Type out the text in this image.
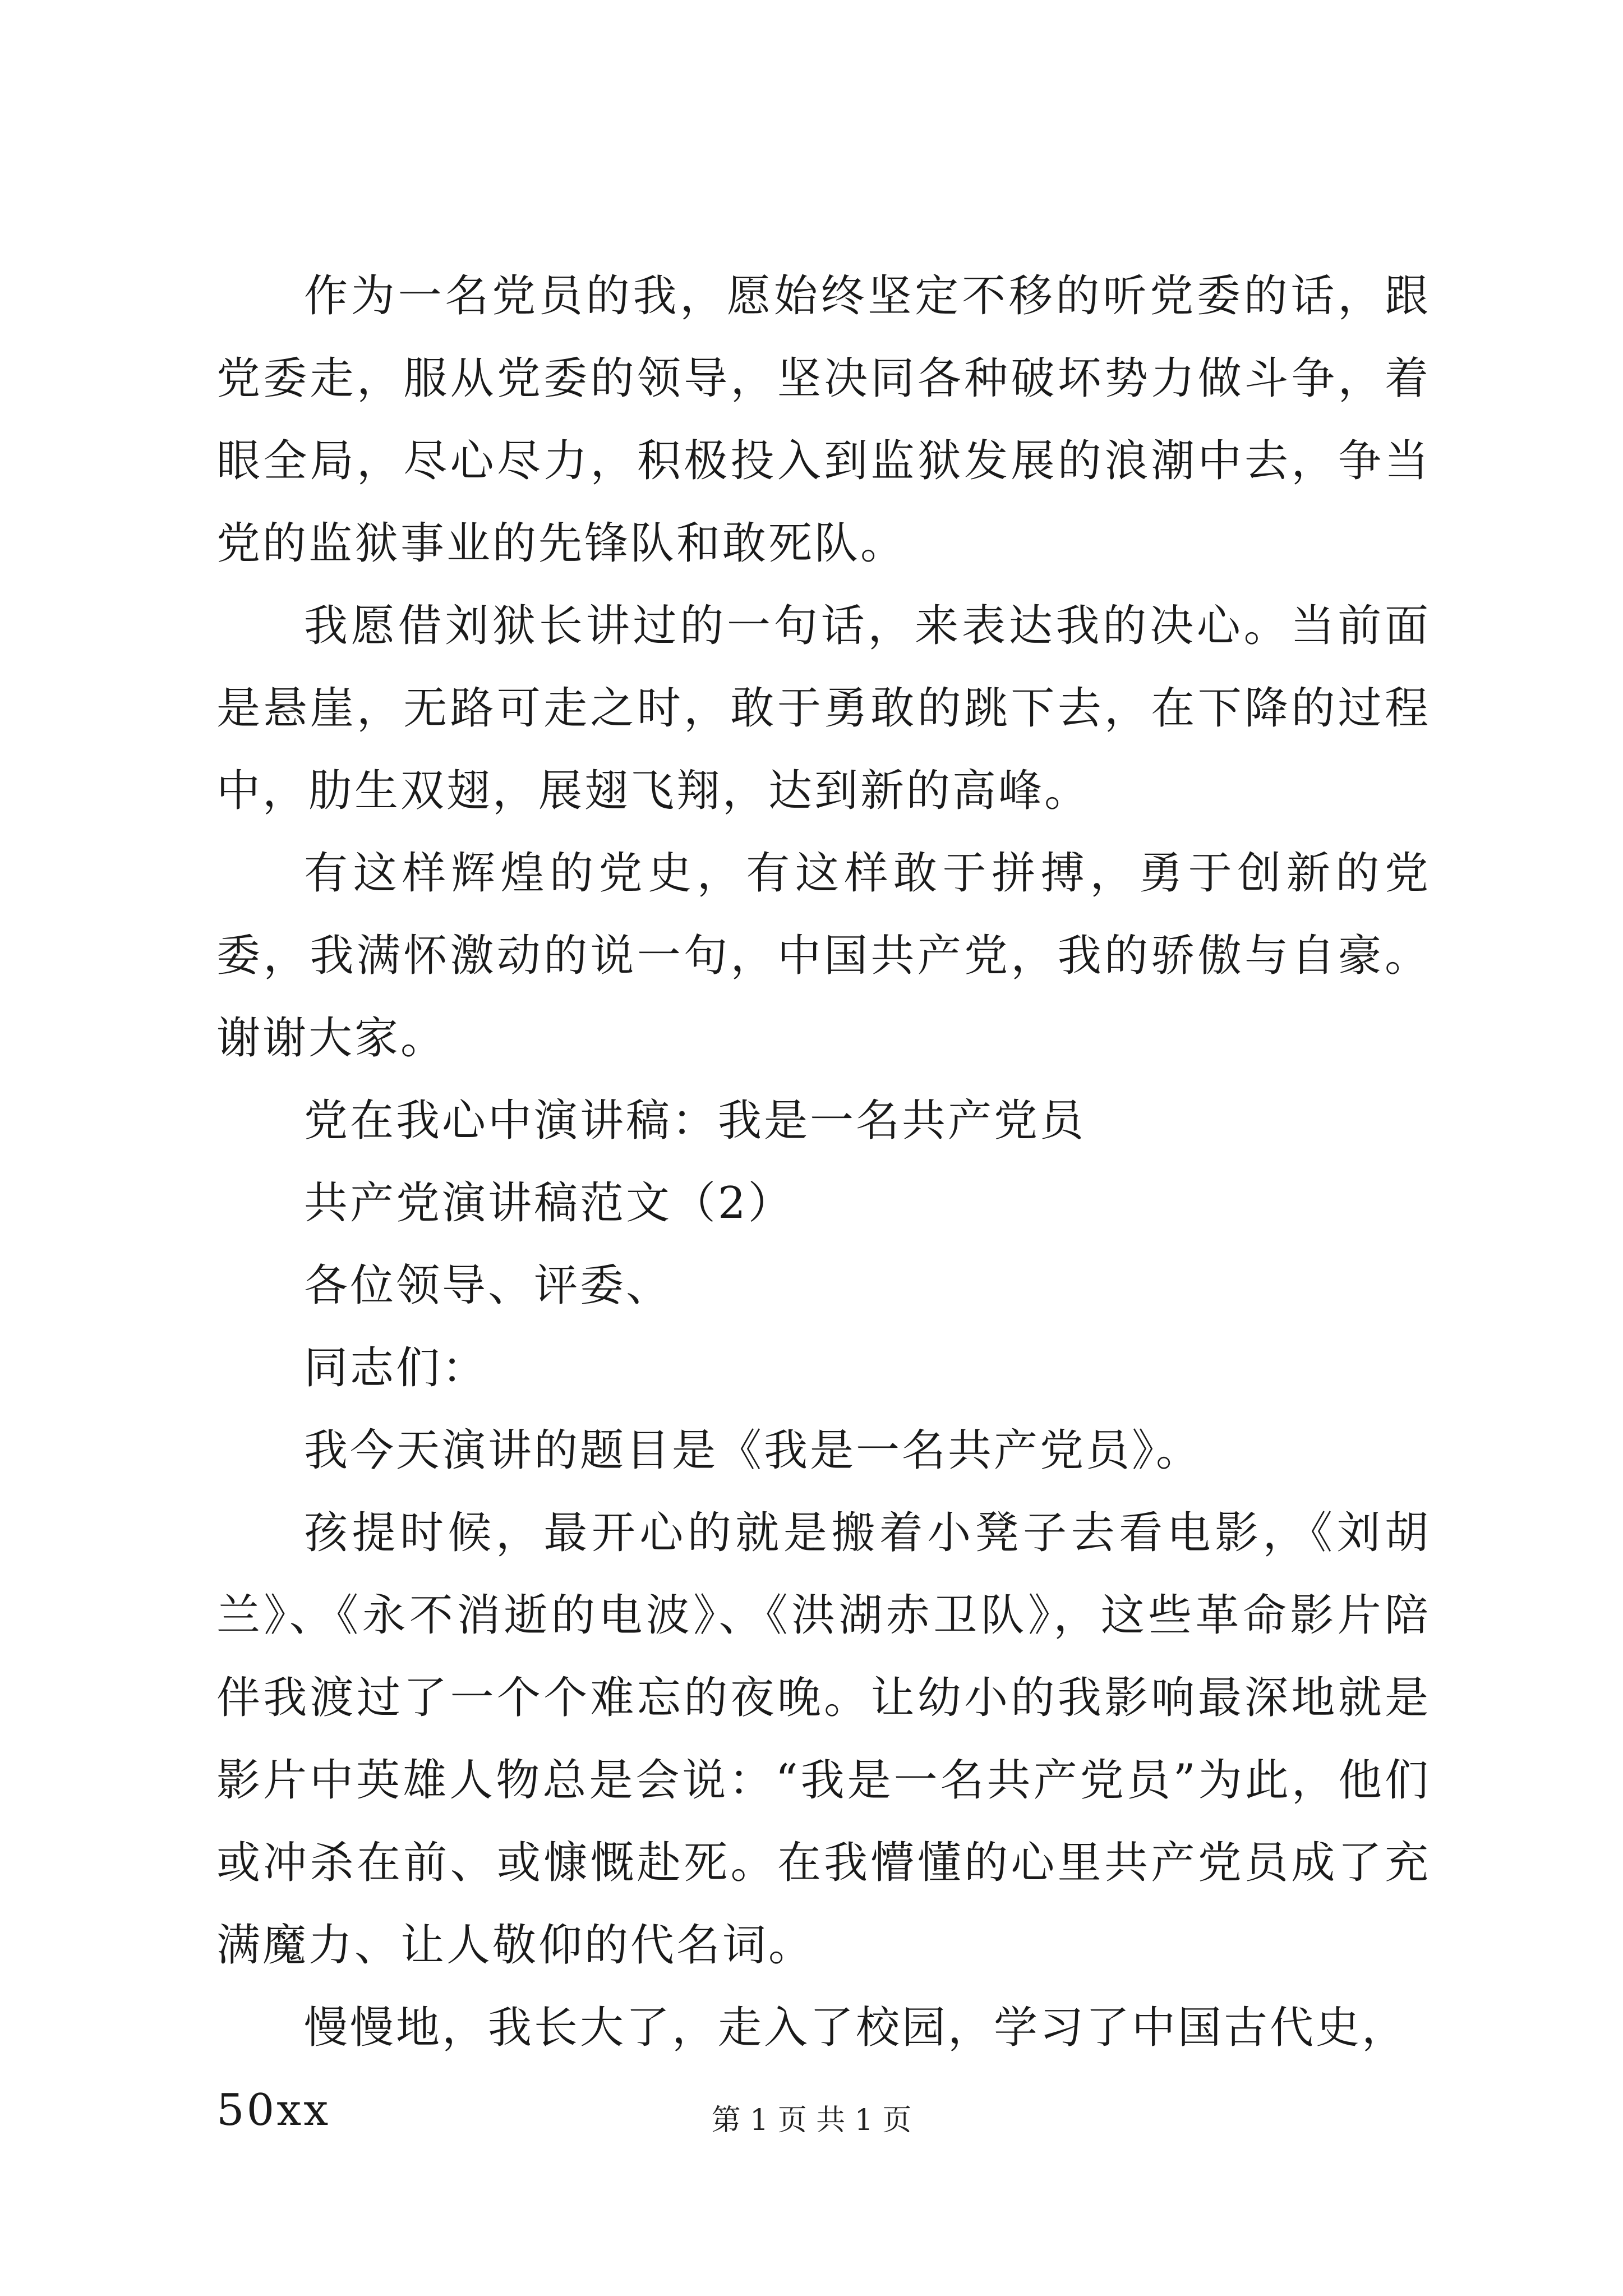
作为一名党员的我，愿始终坚定不移的听党委的话，跟党委走，服从党委的领导，坚决同各种破坏势力做斗争，着眼全局，尽心尽力，积极投入到监狱发展的浪潮中去，争当党的监狱事业的先锋队和敢死队。

我愿借刘狱长讲过的一句话，来表达我的决心。当前面是悬崖，无路可走之时，敢于勇敢的跳下去，在下降的过程中，肋生双翅，展翅飞翔，达到新的高峰。

有这样辉煌的党史，有这样敢于拼搏，勇于创新的党委，我满怀激动的说一句，中国共产党，我的骄傲与自豪。谢谢大家。

党在我心中演讲稿：我是一名共产党员

共产党演讲稿范文（2）

各位领导、评委、

同志们：

我今天演讲的题目是《我是一名共产党员》。

孩提时候，最开心的就是搬着小凳子去看电影，《刘胡兰》、《永不消逝的电波》、《洪湖赤卫队》，这些革命影片陪伴我渡过了一个个难忘的夜晚。让幼小的我影响最深地就是影片中英雄人物总是会说：“我是一名共产党员”为此，他们或冲杀在前、或慷慨赴死。在我懵懂的心里共产党员成了充满魔力、让人敬仰的代名词。

慢慢地，我长大了，走入了校园，学习了中国古代史，50xx	第 1 页 共 1 页
